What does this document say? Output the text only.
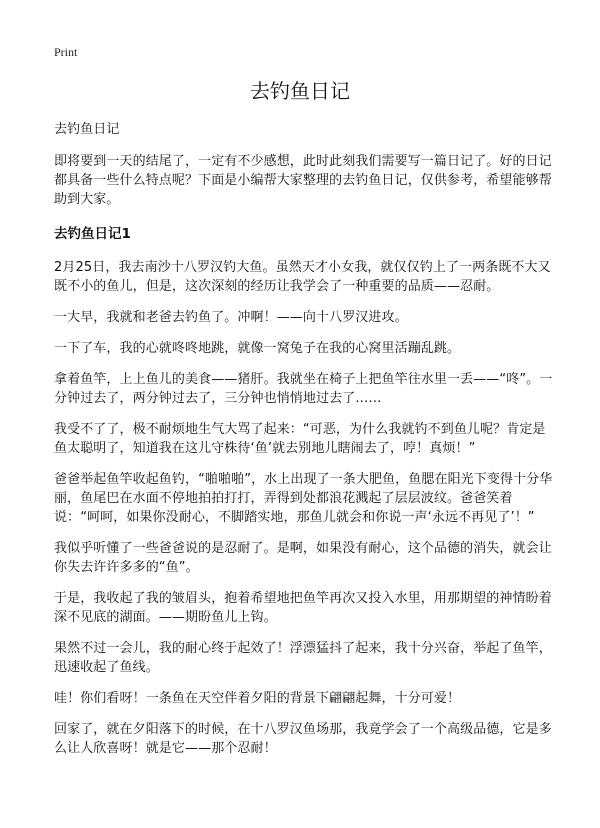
Print
去钓鱼日记

去钓鱼日记

即将要到一天的结尾了，一定有不少感想，此时此刻我们需要写一篇日记了。好的日记都具备一些什么特点呢？下面是小编帮大家整理的去钓鱼日记，仅供参考，希望能够帮助到大家。

去钓鱼日记1

2月25日，我去南沙十八罗汉钓大鱼。虽然天才小女我，就仅仅钓上了一两条既不大又既不小的鱼儿，但是，这次深刻的经历让我学会了一种重要的品质——忍耐。

一大早，我就和老爸去钓鱼了。冲啊！——向十八罗汉进攻。

一下了车，我的心就咚咚地跳，就像一窝兔子在我的心窝里活蹦乱跳。

拿着鱼竿，上上鱼儿的美食——猪肝。我就坐在椅子上把鱼竿往水里一丢——“咚”。一分钟过去了，两分钟过去了，三分钟也悄悄地过去了……

我受不了了，极不耐烦地生气大骂了起来：“可恶，为什么我就钓不到鱼儿呢？肯定是鱼太聪明了，知道我在这儿守株待‘鱼’就去别地儿瞎闹去了，哼！真烦！”

爸爸举起鱼竿收起鱼钓，“啪啪啪”，水上出现了一条大肥鱼，鱼腮在阳光下变得十分华丽，鱼尾巴在水面不停地拍拍打打，弄得到处都浪花溅起了层层波纹。爸爸笑着说：“呵呵，如果你没耐心，不脚踏实地，那鱼儿就会和你说一声‘永远不再见了’！”

我似乎听懂了一些爸爸说的是忍耐了。是啊，如果没有耐心，这个品德的消失，就会让你失去许许多多的“鱼”。

于是，我收起了我的皱眉头，抱着希望地把鱼竿再次又投入水里，用那期望的神情盼着深不见底的湖面。——期盼鱼儿上钩。

果然不过一会儿，我的耐心终于起效了！浮漂猛抖了起来，我十分兴奋，举起了鱼竿，迅速收起了鱼线。

哇！你们看呀！一条鱼在天空伴着夕阳的背景下翩翩起舞，十分可爱！

回家了，就在夕阳落下的时候，在十八罗汉鱼场那，我竟学会了一个高级品德，它是多么让人欣喜呀！就是它——那个忍耐！
